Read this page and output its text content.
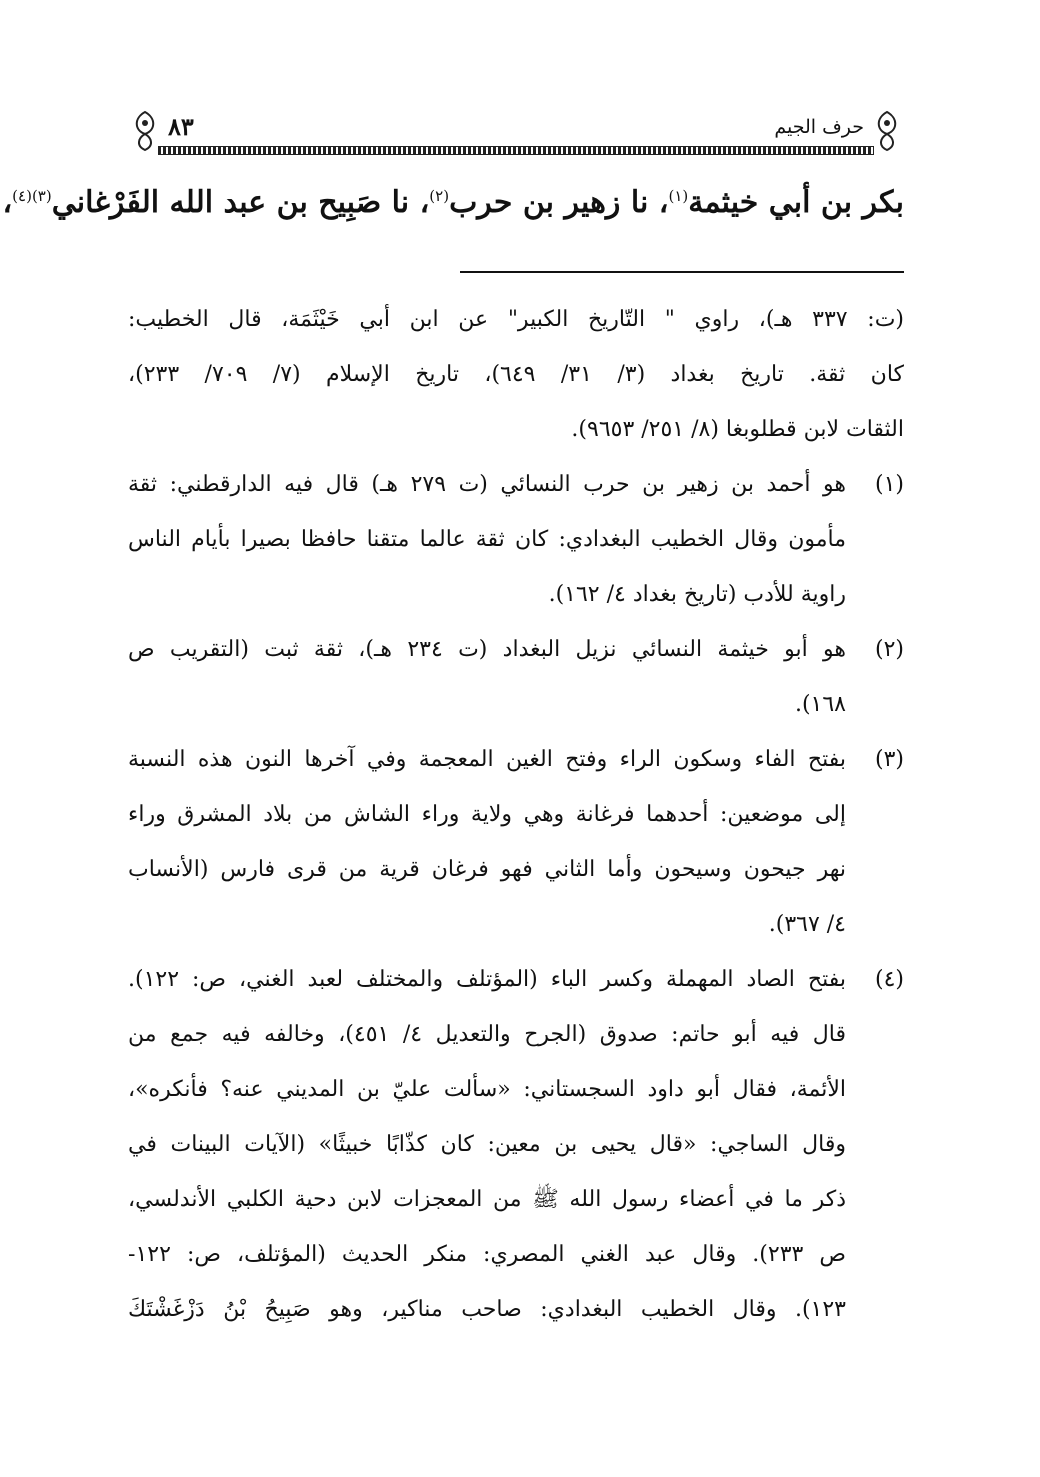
٨٣	حرف الجيم
بكر بن أبي خيثمة$^{(١)}$، نا زهير بن حرب$^{(٢)}$، نا صَبِيح بن عبد الله الفَرْغاني$^{(٣)(٤)}$،
(ت: ٣٣٧ هـ)، راوي " التّاريخ الكبير" عن ابن أبي خَيْثَمَة، قال الخطيب:
كان ثقة. تاريخ بغداد (٣/ ٣١/ ٦٤٩)، تاريخ الإسلام (٧/ ٧٠٩/ ٢٣٣)،
الثقات لابن قطلوبغا (٨/ ٢٥١/ ٩٦٥٣).
(١)
هو أحمد بن زهير بن حرب النسائي (ت ٢٧٩ هـ) قال فيه الدارقطني: ثقة
مأمون وقال الخطيب البغدادي: كان ثقة عالما متقنا حافظا بصيرا بأيام الناس
راوية للأدب (تاريخ بغداد ٤/ ١٦٢).
(٢)
هو أبو خيثمة النسائي نزيل البغداد (ت ٢٣٤ هـ)، ثقة ثبت (التقريب ص
١٦٨).
(٣)
بفتح الفاء وسكون الراء وفتح الغين المعجمة وفي آخرها النون هذه النسبة
إلى موضعين: أحدهما فرغانة وهي ولاية وراء الشاش من بلاد المشرق وراء
نهر جيحون وسيحون وأما الثاني فهو فرغان قرية من قرى فارس (الأنساب
٤/ ٣٦٧).
(٤)
بفتح الصاد المهملة وكسر الباء (المؤتلف والمختلف لعبد الغني، ص: ١٢٢).
قال فيه أبو حاتم: صدوق (الجرح والتعديل ٤/ ٤٥١)، وخالفه فيه جمع من
الأئمة، فقال أبو داود السجستاني: «سألت عليّ بن المديني عنه؟ فأنكره»،
وقال الساجي: «قال يحيى بن معين: كان كذّابًا خبيثًا» (الآيات البينات في
ذكر ما في أعضاء رسول الله ﷺ من المعجزات لابن دحية الكلبي الأندلسي،
ص ٢٣٣). وقال عبد الغني المصري: منكر الحديث (المؤتلف، ص: ١٢٢-
١٢٣). وقال الخطيب البغدادي: صاحب مناكير، وهو صَبِيحُ بْنُ دَزْغَشْتَكَ
